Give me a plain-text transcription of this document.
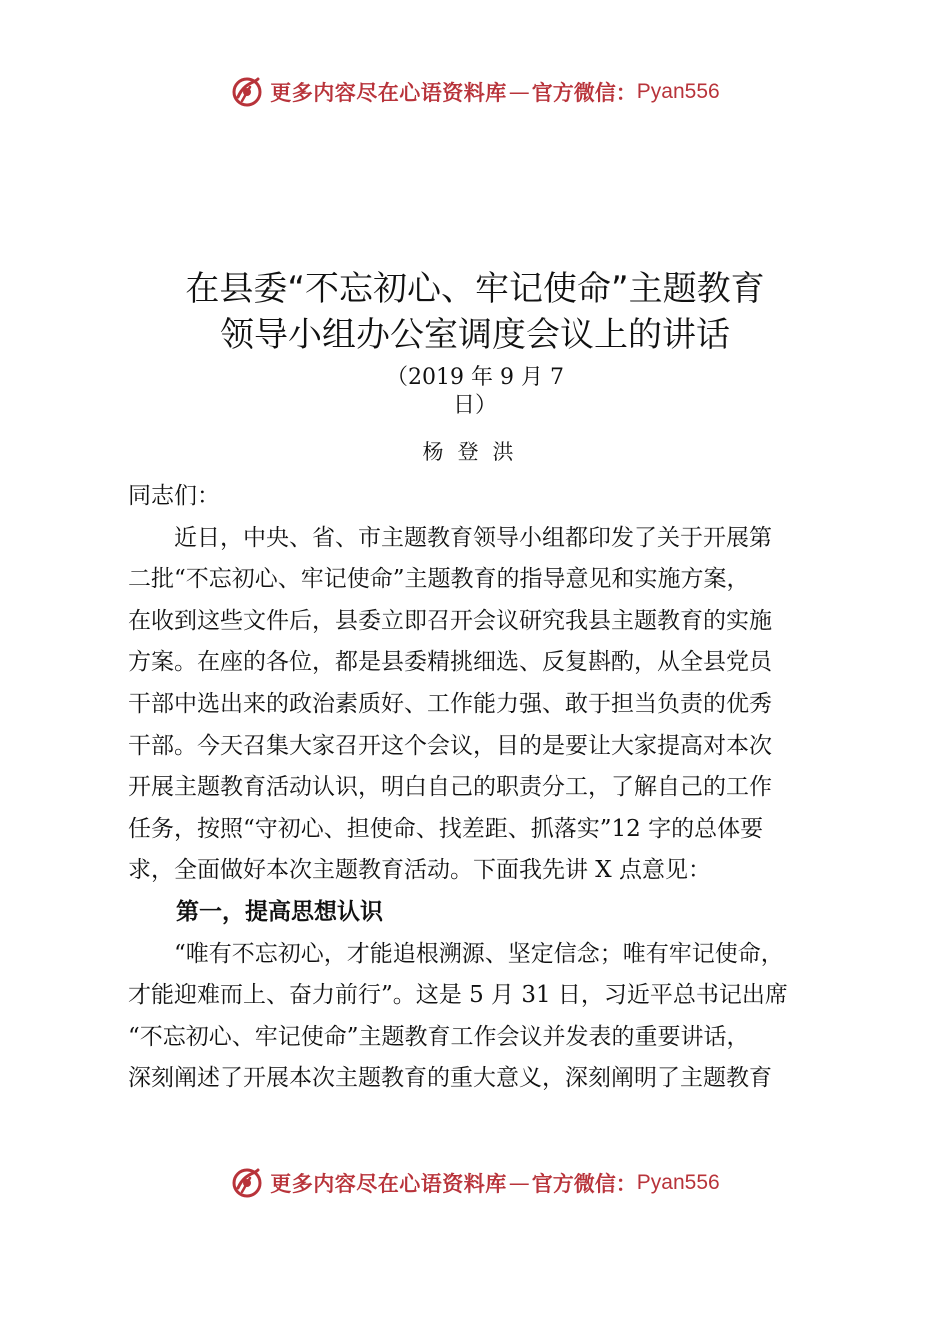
更多内容尽在心语资料库 — 官方微信： Pyan556
在县委“不忘初心、牢记使命”主题教育
领导小组办公室调度会议上的讲话
（2019 年 9 月 7
日）
杨登洪
同志们：
近日，中央、省、市主题教育领导小组都印发了关于开展第
二批“不忘初心、牢记使命”主题教育的指导意见和实施方案，
在收到这些文件后，县委立即召开会议研究我县主题教育的实施
方案。在座的各位，都是县委精挑细选、反复斟酌，从全县党员
干部中选出来的政治素质好、工作能力强、敢于担当负责的优秀
干部。今天召集大家召开这个会议，目的是要让大家提高对本次
开展主题教育活动认识，明白自己的职责分工，了解自己的工作
任务，按照“守初心、担使命、找差距、抓落实”12 字的总体要
求，全面做好本次主题教育活动。下面我先讲 X 点意见：
第一，提高思想认识
“唯有不忘初心，才能追根溯源、坚定信念；唯有牢记使命，
才能迎难而上、奋力前行”。这是 5 月 31 日，习近平总书记出席
“不忘初心、牢记使命”主题教育工作会议并发表的重要讲话，
深刻阐述了开展本次主题教育的重大意义，深刻阐明了主题教育
更多内容尽在心语资料库 — 官方微信： Pyan556
